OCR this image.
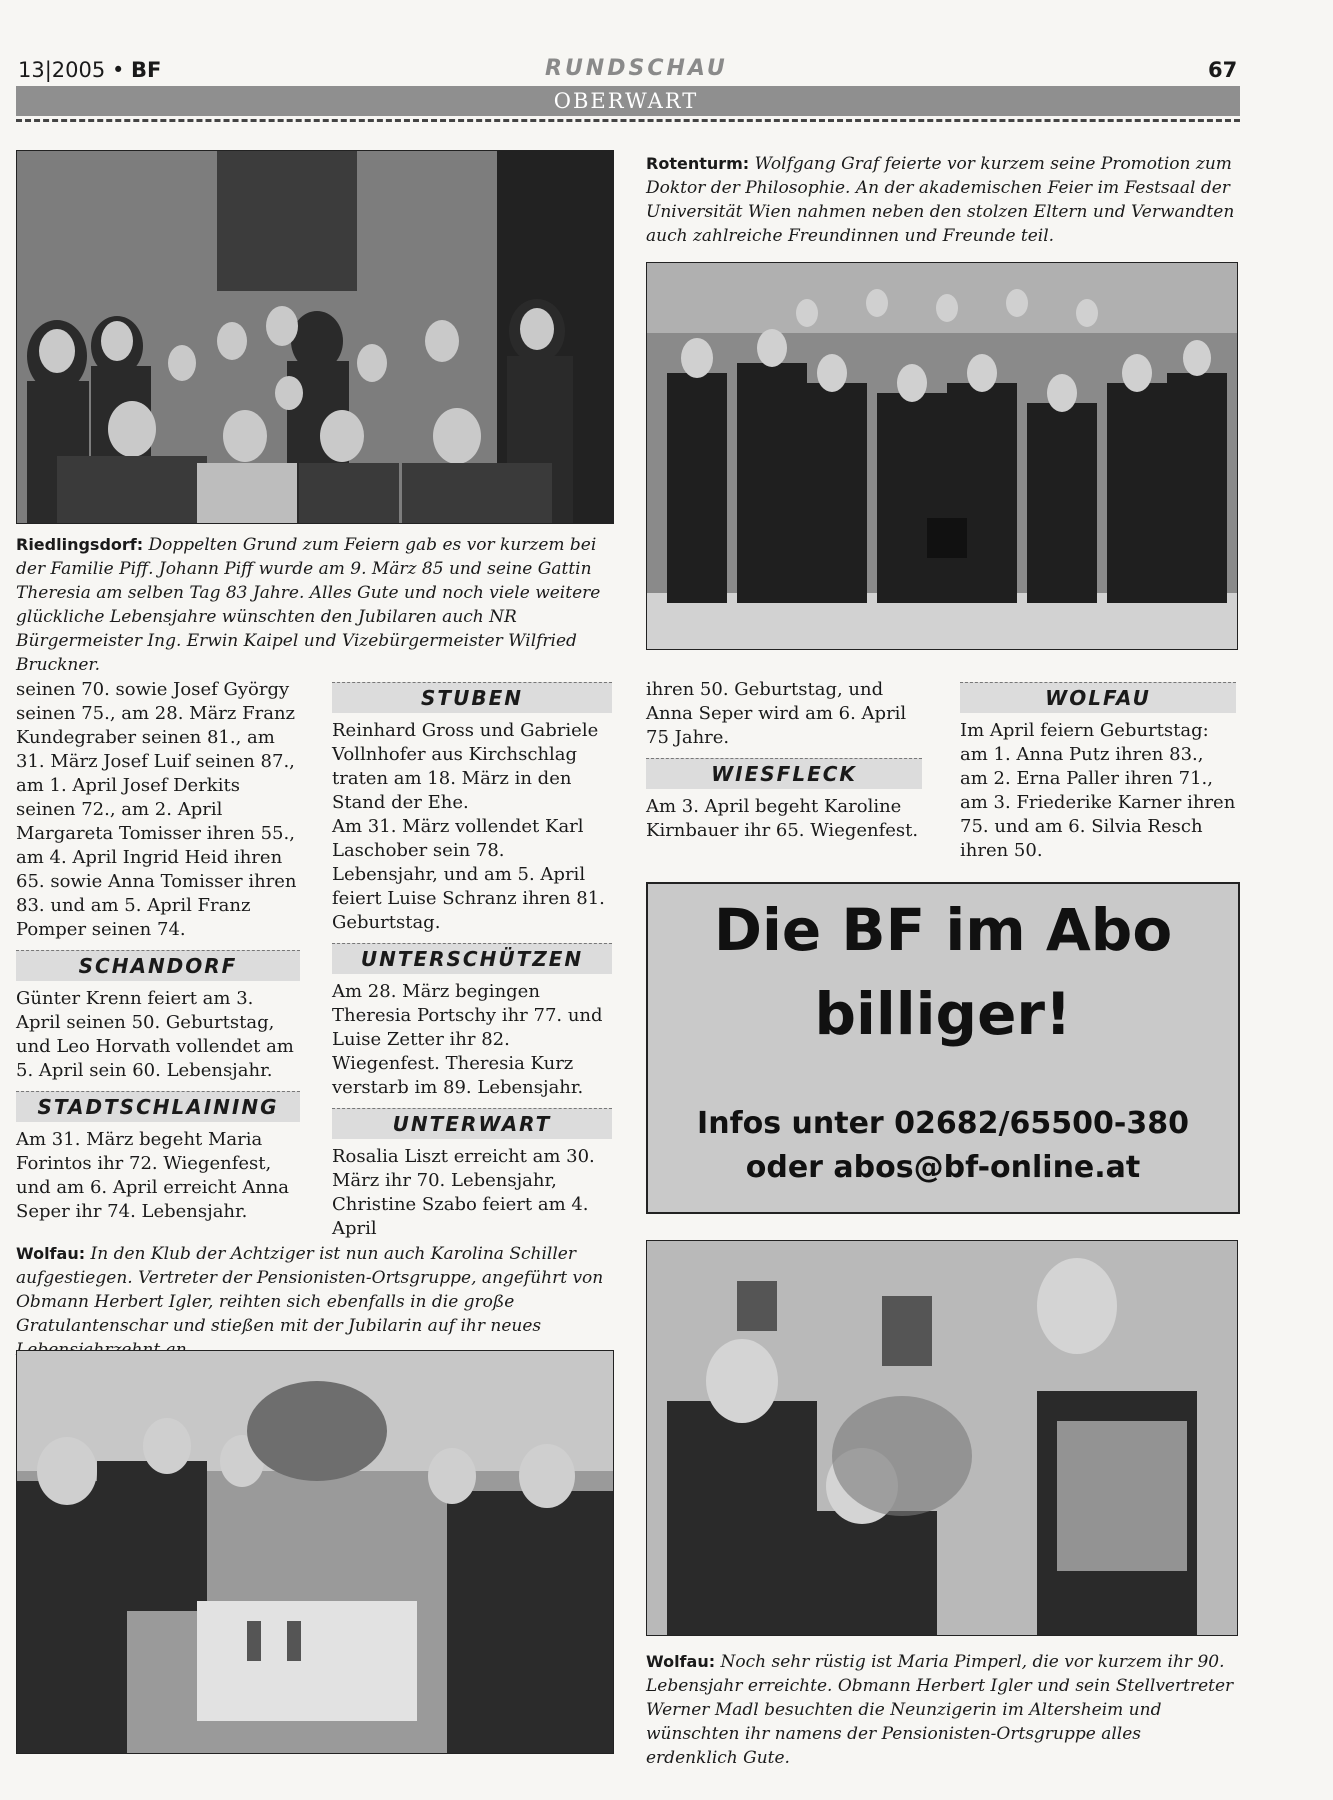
13|2005 • BF	RUNDSCHAU	67
OBERWART
Rotenturm: Wolfgang Graf feierte vor kurzem seine Promotion zum Doktor der Philosophie. An der akademischen Feier im Festsaal der Universität Wien nahmen neben den stolzen Eltern und Verwandten auch zahlreiche Freundinnen und Freunde teil.
Riedlingsdorf: Doppelten Grund zum Feiern gab es vor kurzem bei der Familie Piff. Johann Piff wurde am 9. März 85 und seine Gattin Theresia am selben Tag 83 Jahre. Alles Gute und noch viele weitere glückliche Lebensjahre wünschten den Jubilaren auch NR Bürgermeister Ing. Erwin Kaipel und Vizebürgermeister Wilfried Bruckner.

seinen 70. sowie Josef György seinen 75., am 28. März Franz Kundegraber seinen 81., am 31. März Josef Luif seinen 87., am 1. April Josef Derkits seinen 72., am 2. April Margareta Tomisser ihren 55., am 4. April Ingrid Heid ihren 65. sowie Anna Tomisser ihren 83. und am 5. April Franz Pomper seinen 74.

SCHANDORF

Günter Krenn feiert am 3. April seinen 50. Geburtstag, und Leo Horvath vollendet am 5. April sein 60. Lebensjahr.

STADTSCHLAINING

Am 31. März begeht Maria Forintos ihr 72. Wiegenfest, und am 6. April erreicht Anna Seper ihr 74. Lebensjahr.

STUBEN

Reinhard Gross und Gabriele Vollnhofer aus Kirchschlag traten am 18. März in den Stand der Ehe.

Am 31. März vollendet Karl Laschober sein 78. Lebensjahr, und am 5. April feiert Luise Schranz ihren 81. Geburtstag.

UNTERSCHÜTZEN

Am 28. März begingen Theresia Portschy ihr 77. und Luise Zetter ihr 82. Wiegenfest. Theresia Kurz verstarb im 89. Lebensjahr.

UNTERWART

Rosalia Liszt erreicht am 30. März ihr 70. Lebensjahr, Christine Szabo feiert am 4. April

ihren 50. Geburtstag, und Anna Seper wird am 6. April 75 Jahre.

WIESFLECK

Am 3. April begeht Karoline Kirnbauer ihr 65. Wiegenfest.

WOLFAU

Im April feiern Geburtstag: am 1. Anna Putz ihren 83., am 2. Erna Paller ihren 71., am 3. Friederike Karner ihren 75. und am 6. Silvia Resch ihren 50.

Die BF im Abo
billiger!
Infos unter 02682/65500-380
oder abos@bf-online.at
Wolfau: In den Klub der Achtziger ist nun auch Karolina Schiller aufgestiegen. Vertreter der Pensionisten-Ortsgruppe, angeführt von Obmann Herbert Igler, reihten sich ebenfalls in die große Gratulantenschar und stießen mit der Jubilarin auf ihr neues
Wolfau: Noch sehr rüstig ist Maria Pimperl, die vor kurzem ihr 90. Lebensjahr erreichte. Obmann Herbert Igler und sein Stellvertreter Werner Madl besuchten die Neunzigerin im Altersheim und wünschten ihr namens der Pensionisten-Ortsgruppe alles erdenklich Gute.
